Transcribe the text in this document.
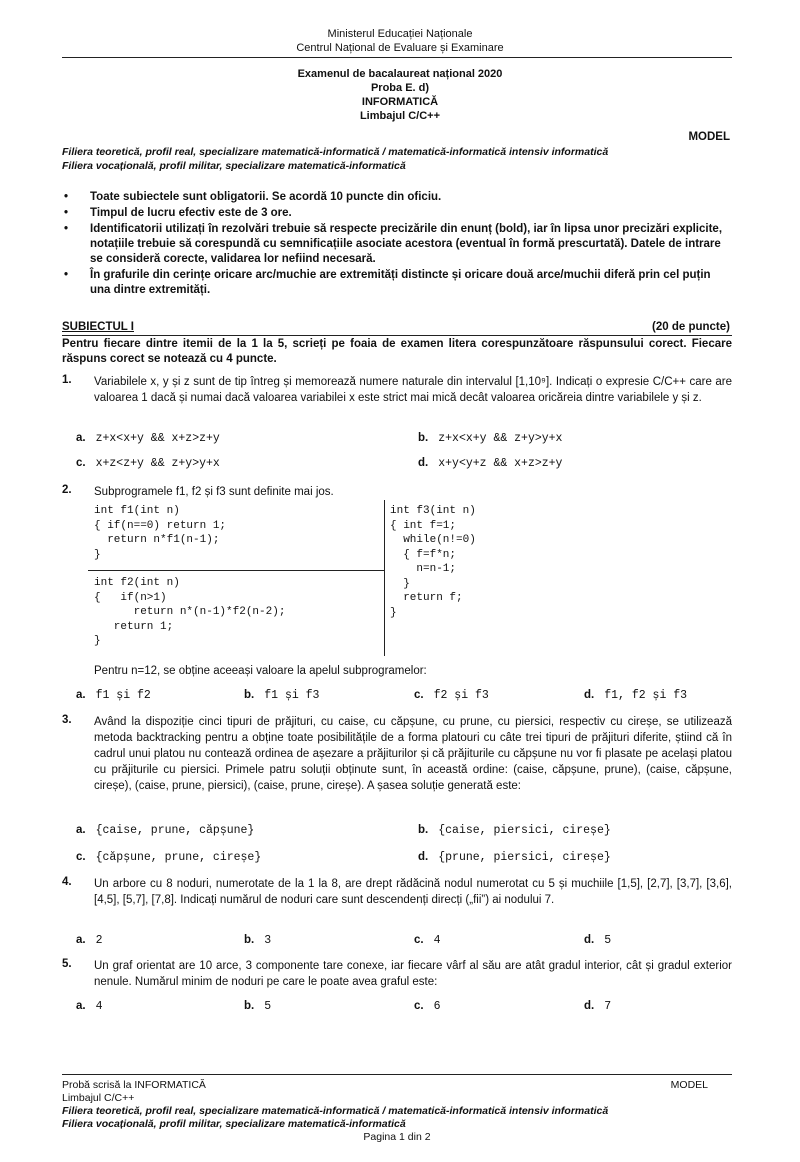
Ministerul Educației Naționale
Centrul Național de Evaluare și Examinare
Examenul de bacalaureat național 2020
Proba E. d)
INFORMATICĂ
Limbajul C/C++
MODEL
Filiera teoretică, profil real, specializare matematică-informatică / matematică-informatică intensiv informatică
Filiera vocațională, profil militar, specializare matematică-informatică
• Toate subiectele sunt obligatorii. Se acordă 10 puncte din oficiu.
• Timpul de lucru efectiv este de 3 ore.
• Identificatorii utilizați în rezolvări trebuie să respecte precizările din enunț (bold), iar în lipsa unor precizări explicite, notațiile trebuie să corespundă cu semnificațiile asociate acestora (eventual în formă prescurtată). Datele de intrare se consideră corecte, validarea lor nefiind necesară.
• În grafurile din cerințe oricare arc/muchie are extremități distincte și oricare două arce/muchii diferă prin cel puțin una dintre extremități.
SUBIECTUL I	(20 de puncte)
Pentru fiecare dintre itemii de la 1 la 5, scrieți pe foaia de examen litera corespunzătoare răspunsului corect. Fiecare răspuns corect se notează cu 4 puncte.
1. Variabilele x, y și z sunt de tip întreg și memorează numere naturale din intervalul [1,10⁹]. Indicați o expresie C/C++ care are valoarea 1 dacă și numai dacă valoarea variabilei x este strict mai mică decât valoarea oricăreia dintre variabilele y și z.
a. z+x<x+y && x+z>z+y	b. z+x<x+y && z+y>y+x
c. x+z<z+y && z+y>y+x	d. x+y<y+z && x+z>z+y
2. Subprogramele f1, f2 și f3 sunt definite mai jos.
int f1(int n)
{ if(n==0) return 1;
return n*f1(n-1);
}
int f2(int n)
{   if(n>1)
return n*(n-1)*f2(n-2);
return 1;
}
int f3(int n)
{ int f=1;
while(n!=0)
{ f=f*n;
n=n-1;
}
return f;
}
Pentru n=12, se obține aceeași valoare la apelul subprogramelor:
a. f1 și f2	b. f1 și f3	c. f2 și f3	d. f1, f2 și f3
3. Având la dispoziție cinci tipuri de prăjituri, cu caise, cu căpșune, cu prune, cu piersici, respectiv cu cireșe, se utilizează metoda backtracking pentru a obține toate posibilitățile de a forma platouri cu câte trei tipuri de prăjituri diferite, știind că în cadrul unui platou nu contează ordinea de așezare a prăjiturilor și că prăjiturile cu căpșune nu vor fi plasate pe același platou cu prăjiturile cu piersici. Primele patru soluții obținute sunt, în această ordine: (caise, căpșune, prune), (caise, căpșune, cireșe), (caise, prune, piersici), (caise, prune, cireșe). A șasea soluție generată este:
a. {caise, prune, căpșune}	b. {caise, piersici, cireșe}
c. {căpșune, prune, cireșe}	d. {prune, piersici, cireșe}
4. Un arbore cu 8 noduri, numerotate de la 1 la 8, are drept rădăcină nodul numerotat cu 5 și muchiile [1,5], [2,7], [3,7], [3,6], [4,5], [5,7], [7,8]. Indicați numărul de noduri care sunt descendenți direcți („fii”) ai nodului 7.
a. 2	b. 3	c. 4	d. 5
5. Un graf orientat are 10 arce, 3 componente tare conexe, iar fiecare vârf al său are atât gradul interior, cât și gradul exterior nenule. Numărul minim de noduri pe care le poate avea graful este:
a. 4	b. 5	c. 6	d. 7
Probă scrisă la INFORMATICĂ
Limbajul C/C++
Filiera teoretică, profil real, specializare matematică-informatică / matematică-informatică intensiv informatică
Filiera vocațională, profil militar, specializare matematică-informatică
Pagina 1 din 2
MODEL
